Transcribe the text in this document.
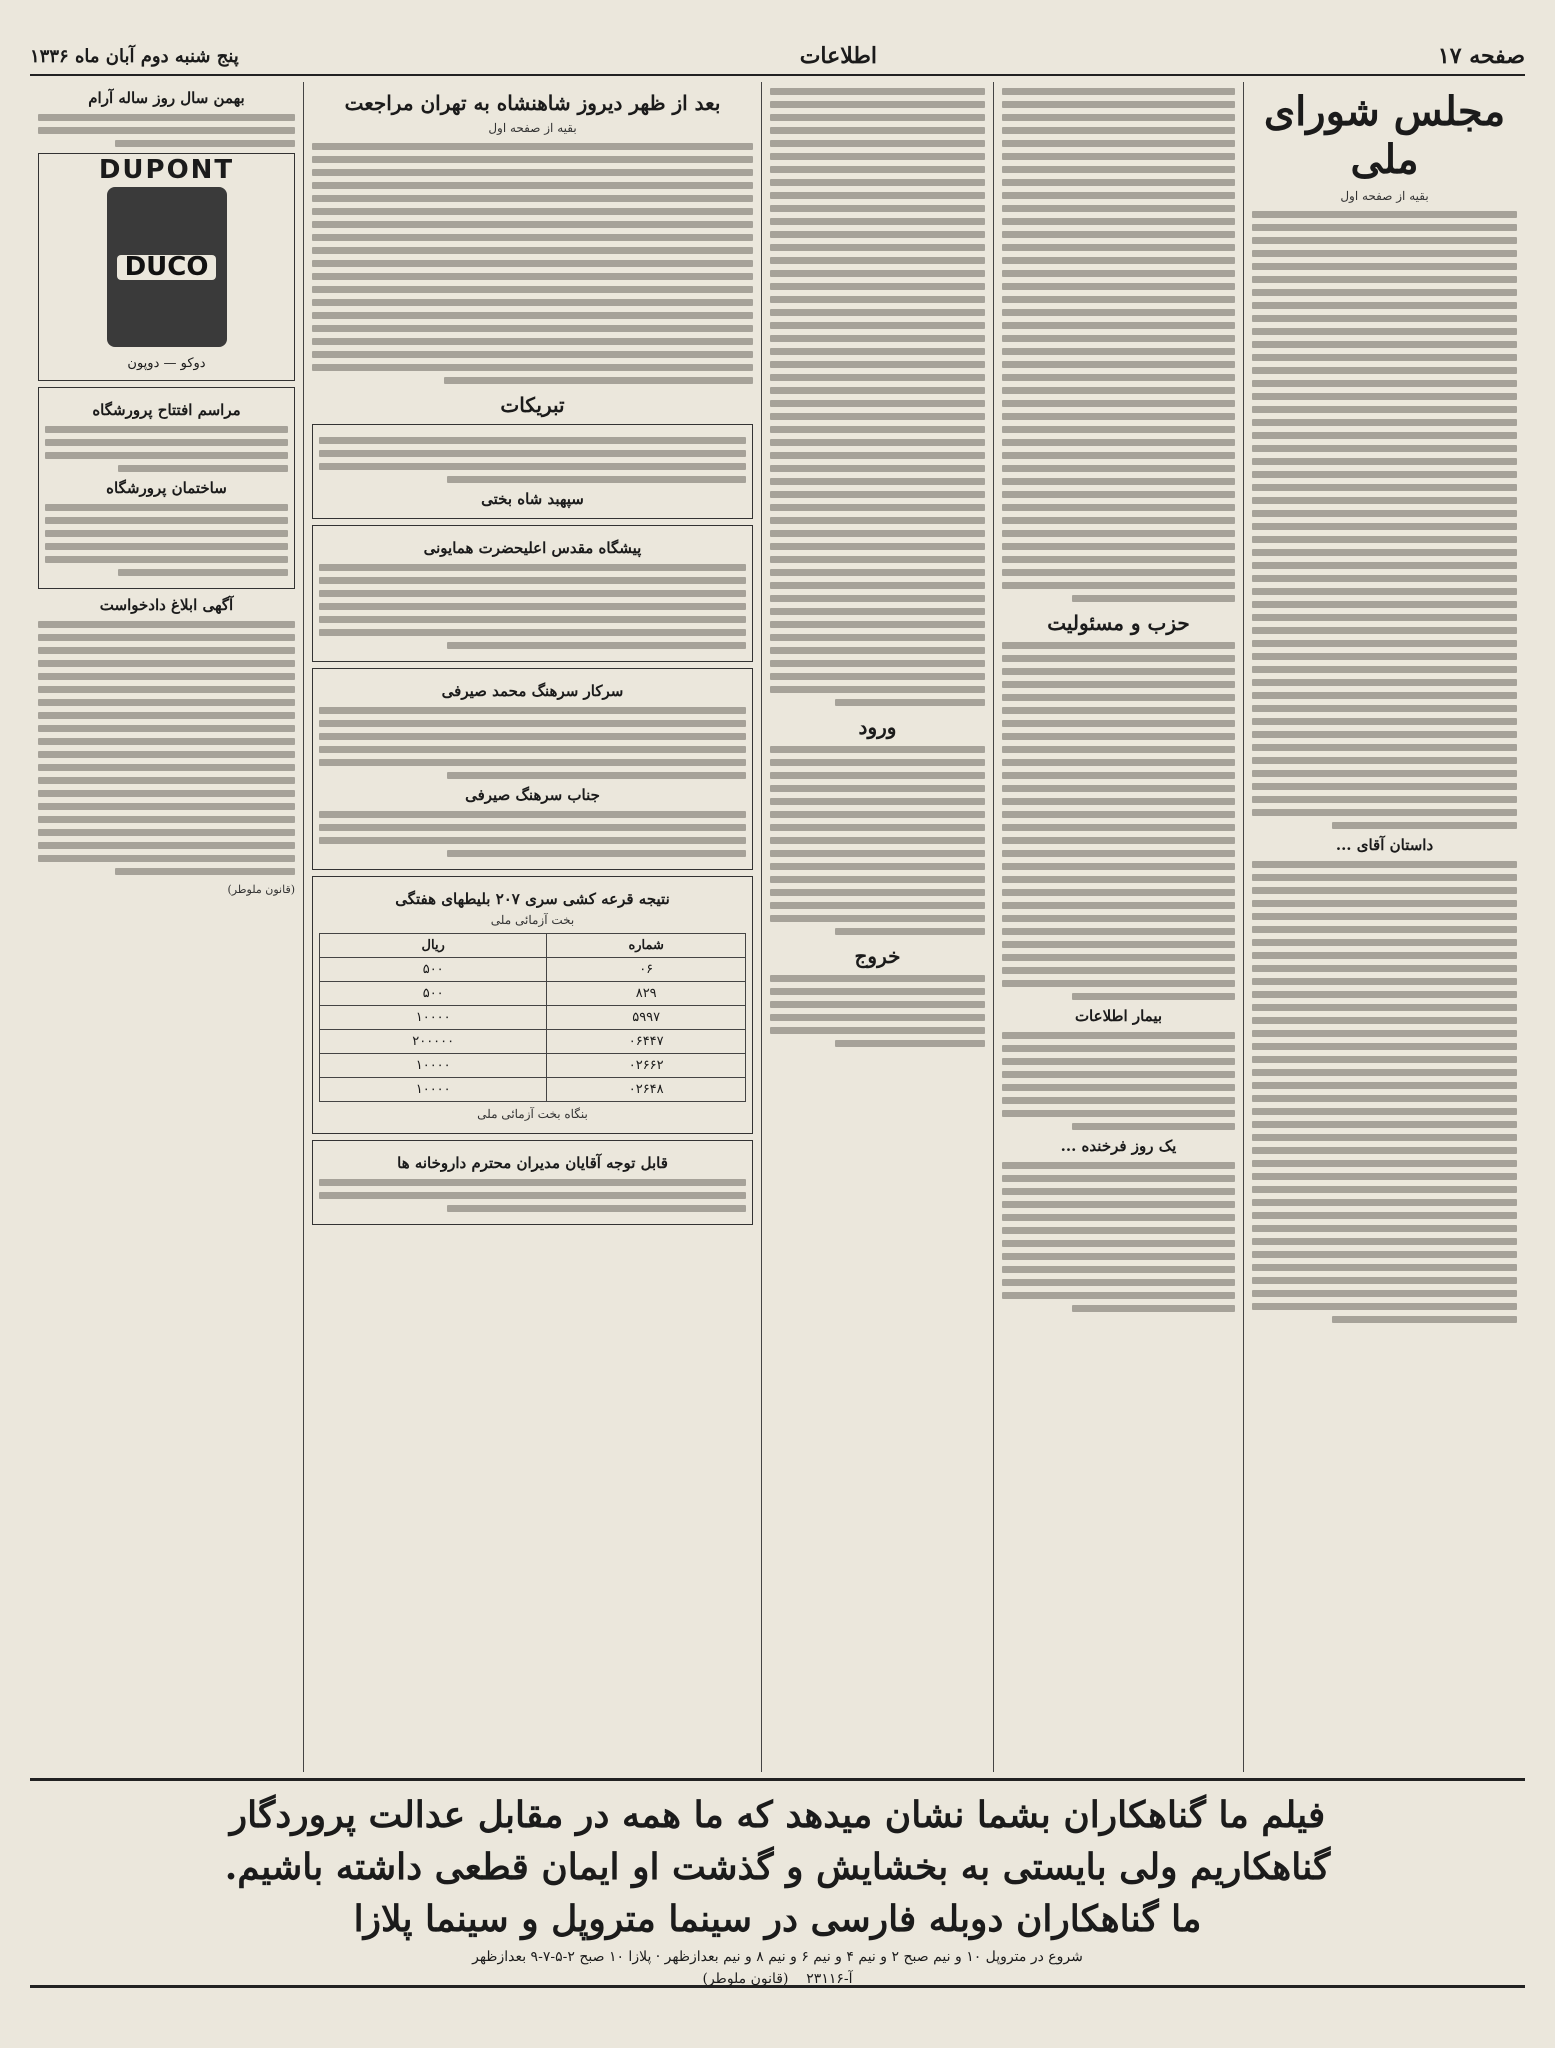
صفحه ۱۷
اطلاعات
پنج شنبه دوم آبان ماه ۱۳۳۶
مجلس شورای ملی
بقیه از صفحه اول
داستان آقای ...
حزب و مسئولیت
بیمار اطلاعات
یک روز فرخنده ...
ورود
خروج
بعد از ظهر دیروز شاهنشاه به تهران مراجعت
بقیه از صفحه اول
تبریکات
سپهبد شاه بختی
پیشگاه مقدس اعلیحضرت همایونی
سرکار سرهنگ محمد صیرفی
جناب سرهنگ صیرفی
نتیجه قرعه کشی سری ۲۰۷ بلیطهای هفتگی
بخت آزمائی ملی
شماره	ریال
۰۶	۵۰۰
۸۲۹	۵۰۰
۵۹۹۷	۱۰۰۰۰
۰۶۴۴۷	۲۰۰۰۰۰
۰۲۶۶۲	۱۰۰۰۰
۰۲۶۴۸	۱۰۰۰۰
بنگاه بخت آزمائی ملی
قابل توجه آقایان مدیران محترم داروخانه ها
بهمن سال روز ساله آرام
DUPONT
DUCO
دوکو — دوپون
مراسم افتتاح پرورشگاه
ساختمان پرورشگاه
آگهی ابلاغ دادخواست
(قانون ملوطر)
فیلم ما گناهکاران بشما نشان میدهد که ما همه در مقابل عدالت پروردگار
گناهکاریم ولی بایستی به بخشایش و گذشت او ایمان قطعی داشته باشیم.
ما گناهکاران دوبله فارسی در سینما متروپل و سینما پلازا
شروع در متروپل ۱۰ و نیم صبح ۲ و نیم ۴ و نیم ۶ و نیم ۸ و نیم بعدازظهر · پلازا ۱۰ صبح ۲-۵-۷-۹ بعدازظهر
آ-۲۳۱۱۶    (قانون ملوطر)
